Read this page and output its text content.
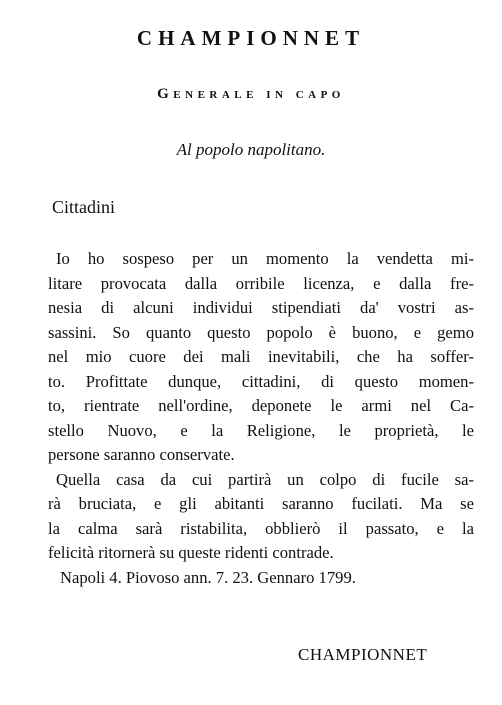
CHAMPIONNET
Generale in capo
Al popolo napolitano.
Cittadini
Io ho sospeso per un momento la vendetta mi-
litare provocata dalla orribile licenza, e dalla fre-
nesia di alcuni individui stipendiati da' vostri as-
sassini. So quanto questo popolo è buono, e gemo
nel mio cuore dei mali inevitabili, che ha soffer-
to. Profittate dunque, cittadini, di questo momen-
to, rientrate nell'ordine, deponete le armi nel Ca-
stello Nuovo, e la Religione, le proprietà, le
persone saranno conservate.
Quella casa da cui partirà un colpo di fucile sa-
rà bruciata, e gli abitanti saranno fucilati. Ma se
la calma sarà ristabilita, obblierò il passato, e la
felicità ritornerà su queste ridenti contrade.
Napoli 4. Piovoso ann. 7. 23. Gennaro 1799.
CHAMPIONNET
